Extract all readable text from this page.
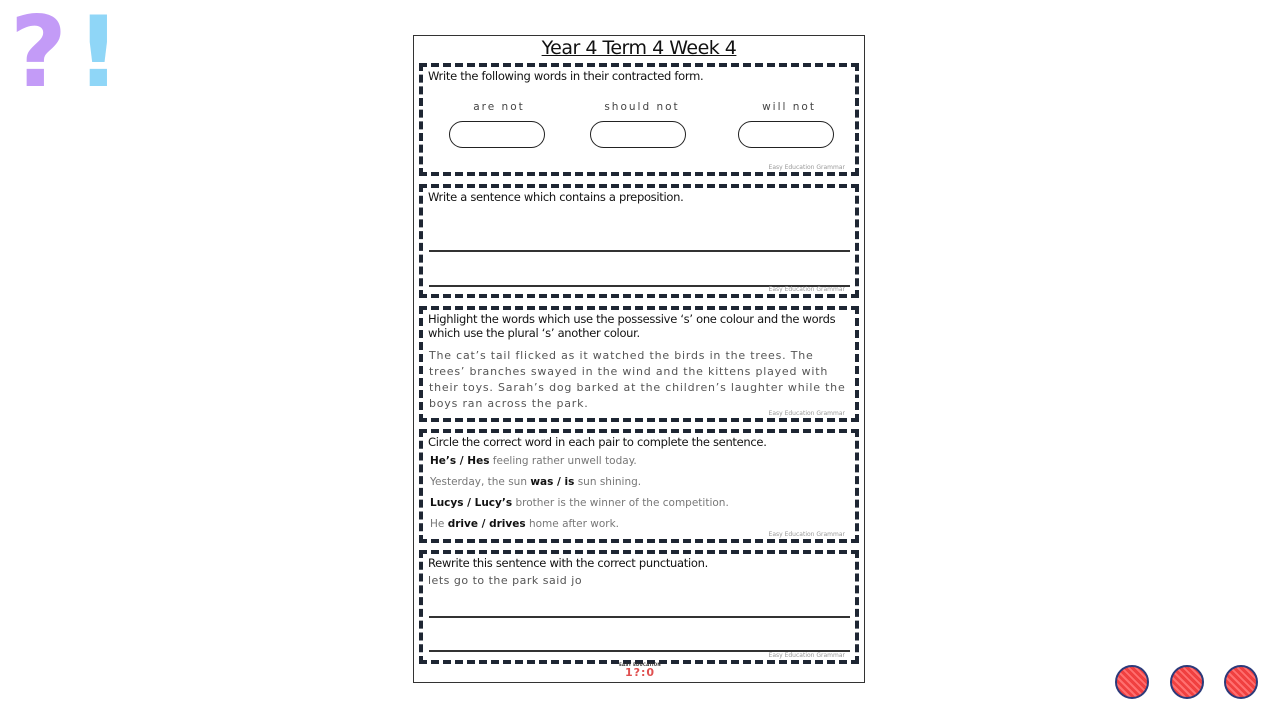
? !	Year 4 Term 4 Week 4
Write the following words in their contracted form.
are not	should not	will not
Easy Education Grammar
Write a sentence which contains a preposition.
Easy Education Grammar
Highlight the words which use the possessive ‘s’ one colour and the words which use the plural ‘s’ another colour.
The cat’s tail flicked as it watched the birds in the trees. The trees’ branches swayed in the wind and the kittens played with their toys. Sarah’s dog barked at the children’s laughter while the boys ran across the park.
Easy Education Grammar
Circle the correct word in each pair to complete the sentence.
He’s / Hes feeling rather unwell today.
Yesterday, the sun was / is sun shining.
Lucys / Lucy’s brother is the winner of the competition.
He drive / drives home after work.
Easy Education Grammar
Rewrite this sentence with the correct punctuation.
lets go to the park said jo
Easy Education Grammar
EASY EDUCATION
1?:0
